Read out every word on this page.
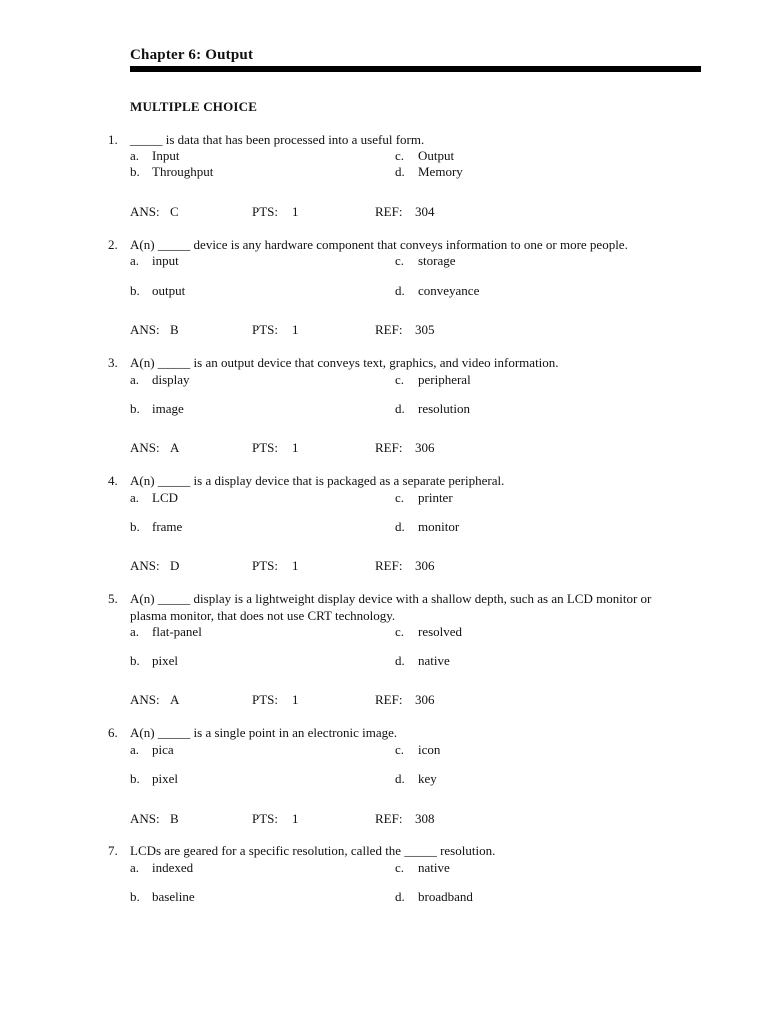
Chapter 6: Output
MULTIPLE CHOICE
1. _____ is data that has been processed into a useful form.
a. Input
b. Throughput
c. Output
d. Memory
ANS: C	PTS: 1	REF: 304
2. A(n) _____ device is any hardware component that conveys information to one or more people.
a. input
b. output
c. storage
d. conveyance
ANS: B	PTS: 1	REF: 305
3. A(n) _____ is an output device that conveys text, graphics, and video information.
a. display
b. image
c. peripheral
d. resolution
ANS: A	PTS: 1	REF: 306
4. A(n) _____ is a display device that is packaged as a separate peripheral.
a. LCD
b. frame
c. printer
d. monitor
ANS: D	PTS: 1	REF: 306
5. A(n) _____ display is a lightweight display device with a shallow depth, such as an LCD monitor or
plasma monitor, that does not use CRT technology.
a. flat-panel
b. pixel
c. resolved
d. native
ANS: A	PTS: 1	REF: 306
6. A(n) _____ is a single point in an electronic image.
a. pica
b. pixel
c. icon
d. key
ANS: B	PTS: 1	REF: 308
7. LCDs are geared for a specific resolution, called the _____ resolution.
a. indexed
b. baseline
c. native
d. broadband
